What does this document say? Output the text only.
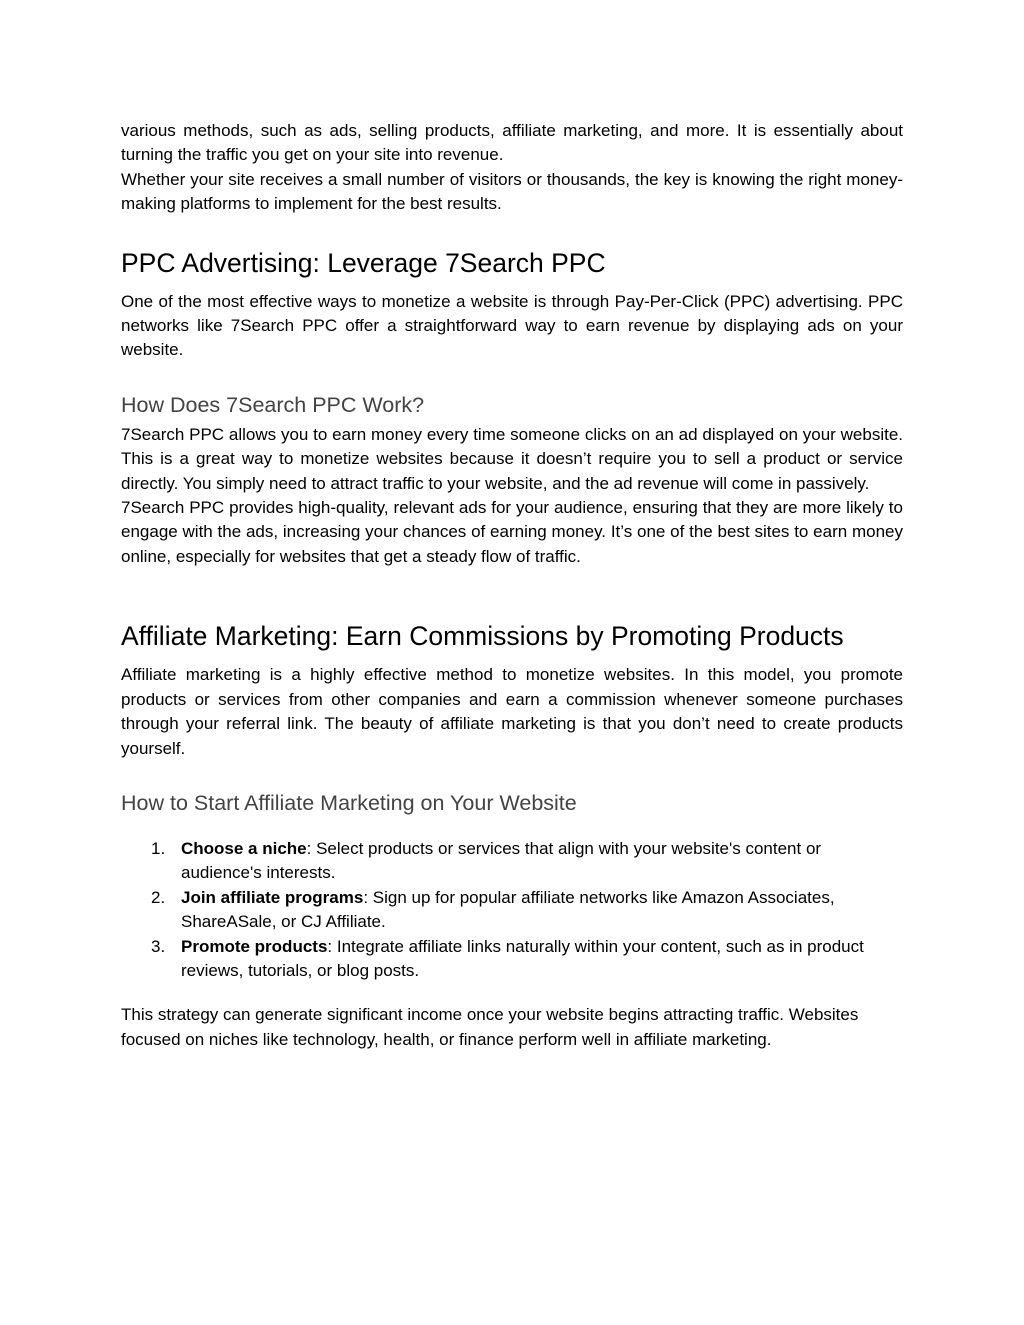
various methods, such as ads, selling products, affiliate marketing, and more. It is essentially about turning the traffic you get on your site into revenue.

Whether your site receives a small number of visitors or thousands, the key is knowing the right money-making platforms to implement for the best results.

PPC Advertising: Leverage 7Search PPC

One of the most effective ways to monetize a website is through Pay-Per-Click (PPC) advertising. PPC networks like 7Search PPC offer a straightforward way to earn revenue by displaying ads on your website.

How Does 7Search PPC Work?

7Search PPC allows you to earn money every time someone clicks on an ad displayed on your website. This is a great way to monetize websites because it doesn’t require you to sell a product or service directly. You simply need to attract traffic to your website, and the ad revenue will come in passively.

7Search PPC provides high-quality, relevant ads for your audience, ensuring that they are more likely to engage with the ads, increasing your chances of earning money. It’s one of the best sites to earn money online, especially for websites that get a steady flow of traffic.

Affiliate Marketing: Earn Commissions by Promoting Products

Affiliate marketing is a highly effective method to monetize websites. In this model, you promote products or services from other companies and earn a commission whenever someone purchases through your referral link. The beauty of affiliate marketing is that you don’t need to create products yourself.

How to Start Affiliate Marketing on Your Website
1. Choose a niche: Select products or services that align with your website's content or audience's interests.
2. Join affiliate programs: Sign up for popular affiliate networks like Amazon Associates, ShareASale, or CJ Affiliate.
3. Promote products: Integrate affiliate links naturally within your content, such as in product reviews, tutorials, or blog posts.

This strategy can generate significant income once your website begins attracting traffic. Websites focused on niches like technology, health, or finance perform well in affiliate marketing.
